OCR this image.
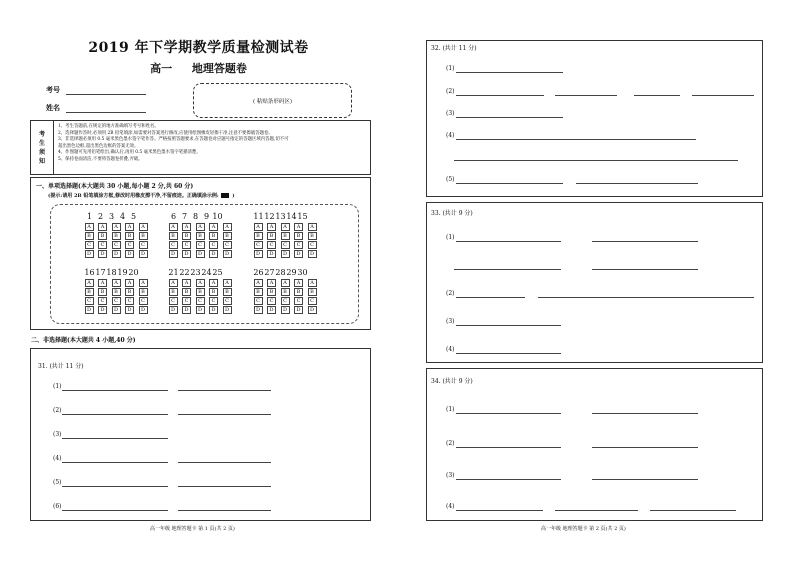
2019 年下学期教学质量检测试卷
高一 地理答题卷
考号
姓名
( 粘贴条形码区)
考
生
须
知
1、考生答题前,在规定的地方准确填写考号和姓名。
2、选择题作答时,必须用 2B 铅笔填涂,如需要对答案进行修改,应使用绘图橡皮轻擦干净,注意不要擦破答题卷。
3、非选择题必须用 0.5 毫米黑色墨水签字笔作答。严格按照答题要求,在答题卷对应题号指定的答题区域内答题,切不可
超出黑色边框,超出黑色边框的答案无效。
4、作图题可先用铅笔绘出,确认后,再用 0.5 毫米黑色墨水签字笔描清楚。
5、保持卷面清洁,不要将答题卷折叠,弄破。
一、单项选择题(本大题共 30 小题,每小题 2 分,共 60 分)
(提示:请用 2B 铅笔填涂方框,修改时用橡皮擦干净,不留痕迹。正确填涂示例:	)
1 2 3 4 5
A	A	A	A	A
B	B	B	B	B
C	C	C	C	C
D	D	D	D	D
6 7 8 9 10
A	A	A	A	A
B	B	B	B	B
C	C	C	C	C
D	D	D	D	D
11 12 13 14 15
A	A	A	A	A
B	B	B	B	B
C	C	C	C	C
D	D	D	D	D
16 17 18 19 20
A	A	A	A	A
B	B	B	B	B
C	C	C	C	C
D	D	D	D	D
21 22 23 24 25
A	A	A	A	A
B	B	B	B	B
C	C	C	C	C
D	D	D	D	D
26 27 28 29 30
A	A	A	A	A
B	B	B	B	B
C	C	C	C	C
D	D	D	D	D
二、非选择题(本大题共 4 小题,40 分)
31. (共计 11 分)
(1)
(2)
(3)
(4)
(5)
(6)
32. (共计 11 分)
(1)
(2)
(3)
(4)
(5)
33. (共计 9 分)
(1)
(2)
(3)
(4)
34. (共计 9 分)
(1)
(2)
(3)
(4)
高一年级 地理答题卡 第 1 页(共 2 页)	高一年级 地理答题卡 第 2 页(共 2 页)
